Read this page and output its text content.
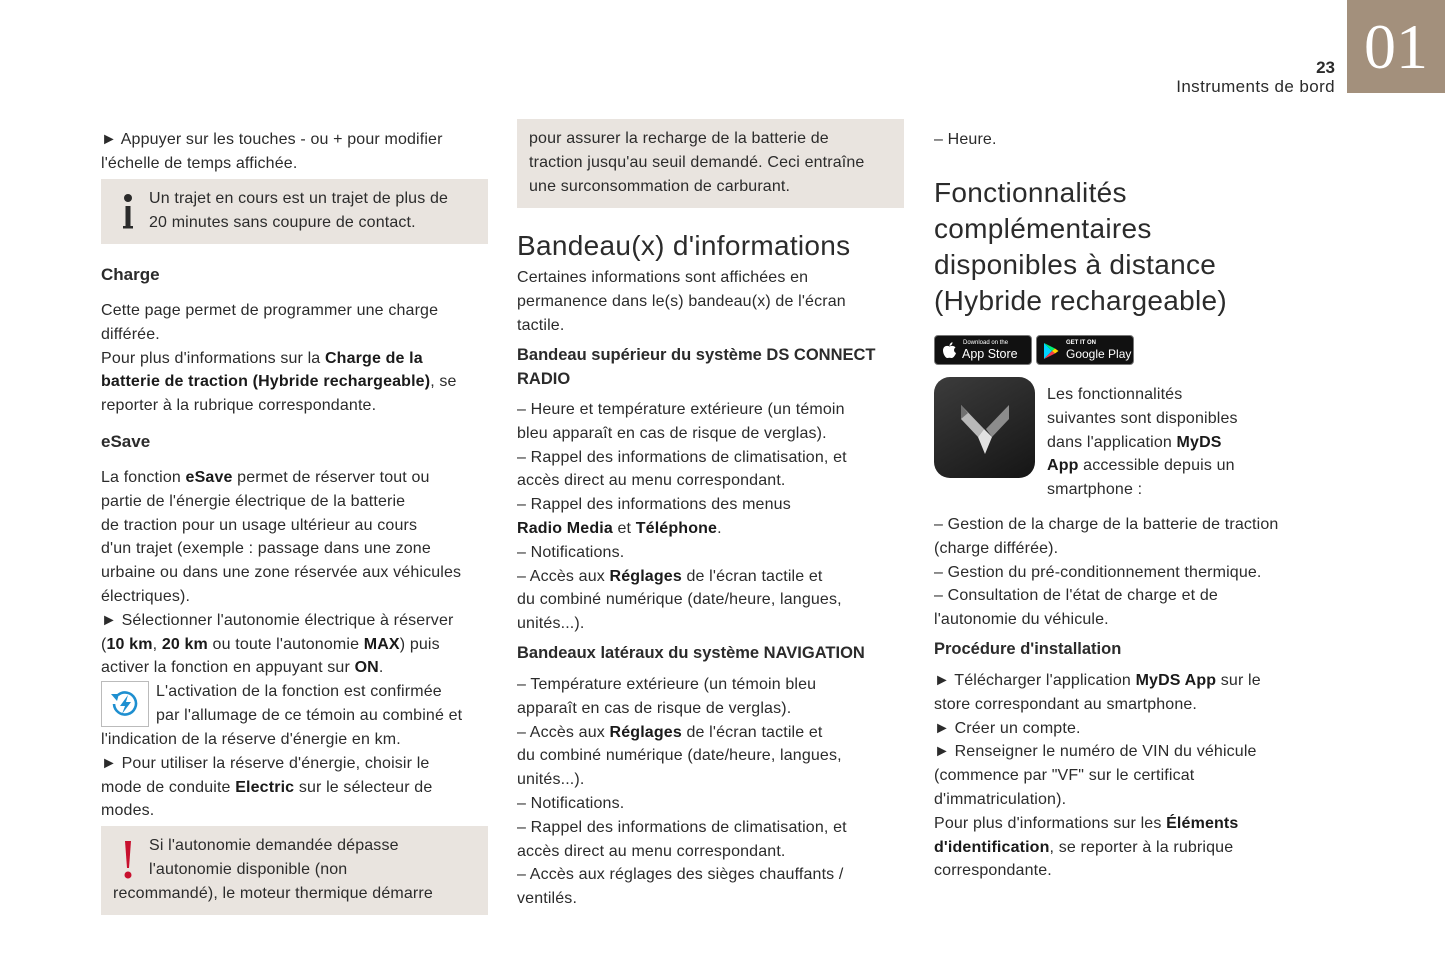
23
Instruments de bord
01

► Appuyer sur les touches - ou + pour modifier

l'échelle de temps affichée.

Un trajet en cours est un trajet de plus de

20 minutes sans coupure de contact.

Charge

Cette page permet de programmer une charge

différée.

Pour plus d'informations sur la Charge de la

batterie de traction (Hybride rechargeable), se

reporter à la rubrique correspondante.

eSave

La fonction eSave permet de réserver tout ou

partie de l'énergie électrique de la batterie

de traction pour un usage ultérieur au cours

d'un trajet (exemple : passage dans une zone

urbaine ou dans une zone réservée aux véhicules

électriques).

► Sélectionner l'autonomie électrique à réserver

(10 km, 20 km ou toute l'autonomie MAX) puis

activer la fonction en appuyant sur ON.

L'activation de la fonction est confirmée

par l'allumage de ce témoin au combiné et

l'indication de la réserve d'énergie en km.

► Pour utiliser la réserve d'énergie, choisir le

mode de conduite Electric sur le sélecteur de

modes.

Si l'autonomie demandée dépasse

l'autonomie disponible (non

recommandé), le moteur thermique démarre

pour assurer la recharge de la batterie de

traction jusqu'au seuil demandé. Ceci entraîne

une surconsommation de carburant.

Bandeau(x) d'informations

Certaines informations sont affichées en

permanence dans le(s) bandeau(x) de l'écran

tactile.

Bandeau supérieur du système DS CONNECT

RADIO

– Heure et température extérieure (un témoin

bleu apparaît en cas de risque de verglas).

– Rappel des informations de climatisation, et

accès direct au menu correspondant.

– Rappel des informations des menus

Radio Media et Téléphone.

– Notifications.

– Accès aux Réglages de l'écran tactile et

du combiné numérique (date/heure, langues,

unités...).

Bandeaux latéraux du système NAVIGATION

– Température extérieure (un témoin bleu

apparaît en cas de risque de verglas).

– Accès aux Réglages de l'écran tactile et

du combiné numérique (date/heure, langues,

unités...).

– Notifications.

– Rappel des informations de climatisation, et

accès direct au menu correspondant.

– Accès aux réglages des sièges chauffants /

ventilés.

– Heure.

Fonctionnalités

complémentaires

disponibles à distance

(Hybride rechargeable)

Download on the
App Store
GET IT ON
Google Play

Les fonctionnalités

suivantes sont disponibles

dans l'application MyDS

App accessible depuis un

smartphone :

– Gestion de la charge de la batterie de traction

(charge différée).

– Gestion du pré-conditionnement thermique.

– Consultation de l'état de charge et de

l'autonomie du véhicule.

Procédure d'installation

► Télécharger l'application MyDS App sur le

store correspondant au smartphone.

► Créer un compte.

► Renseigner le numéro de VIN du véhicule

(commence par "VF" sur le certificat

d'immatriculation).

Pour plus d'informations sur les Éléments

d'identification, se reporter à la rubrique

correspondante.
